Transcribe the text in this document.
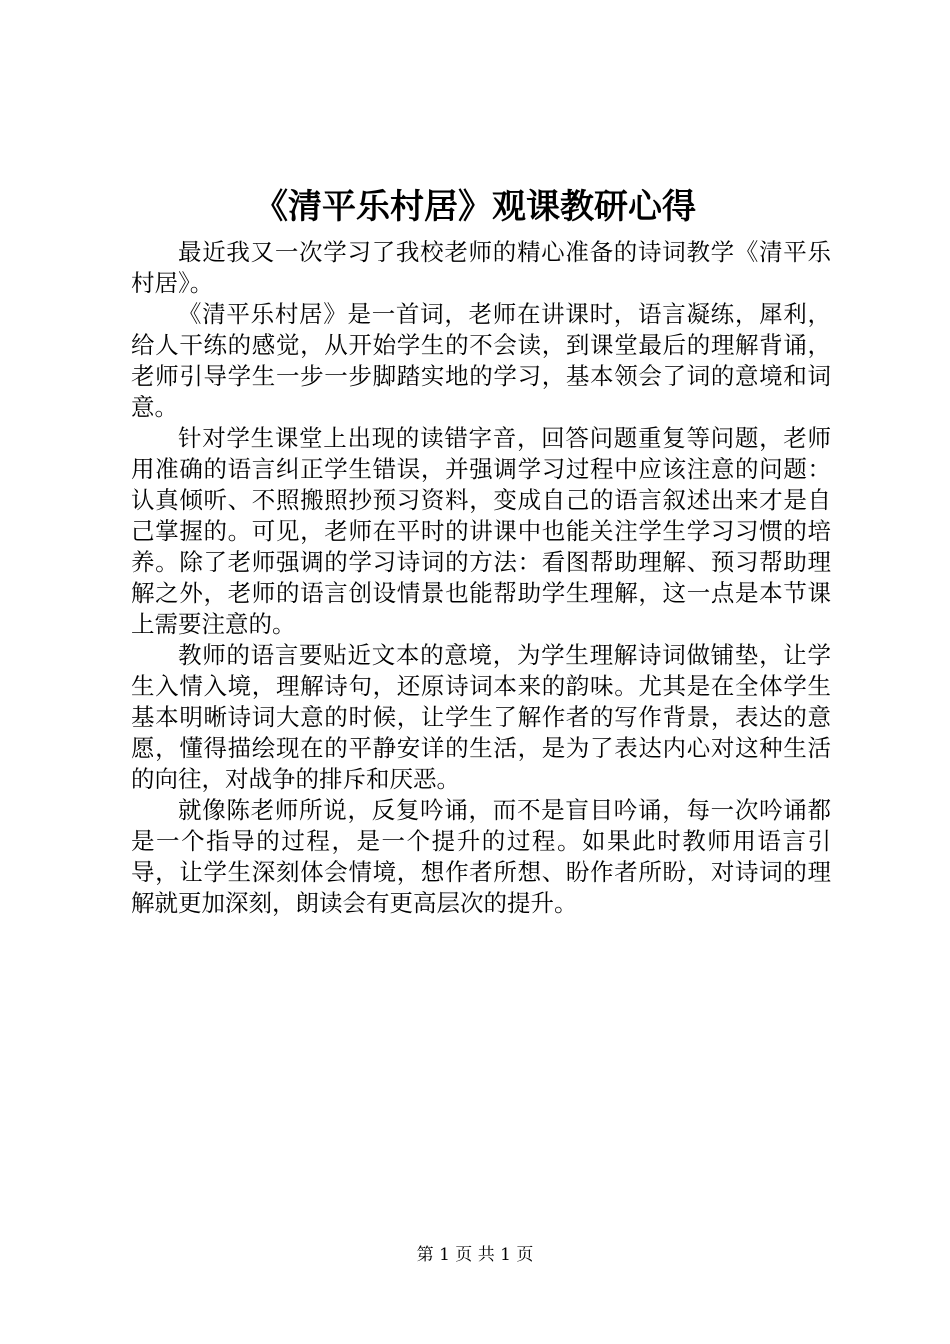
《清平乐村居》观课教研心得

最近我又一次学习了我校老师的精心准备的诗词教学《清平乐村居》。

《清平乐村居》是一首词，老师在讲课时，语言凝练，犀利，给人干练的感觉，从开始学生的不会读，到课堂最后的理解背诵，老师引导学生一步一步脚踏实地的学习，基本领会了词的意境和词意。

针对学生课堂上出现的读错字音，回答问题重复等问题，老师用准确的语言纠正学生错误，并强调学习过程中应该注意的问题：认真倾听、不照搬照抄预习资料，变成自己的语言叙述出来才是自己掌握的。可见，老师在平时的讲课中也能关注学生学习习惯的培养。除了老师强调的学习诗词的方法：看图帮助理解、预习帮助理解之外，老师的语言创设情景也能帮助学生理解，这一点是本节课上需要注意的。

教师的语言要贴近文本的意境，为学生理解诗词做铺垫，让学生入情入境，理解诗句，还原诗词本来的韵味。尤其是在全体学生基本明晰诗词大意的时候，让学生了解作者的写作背景，表达的意愿，懂得描绘现在的平静安详的生活，是为了表达内心对这种生活的向往，对战争的排斥和厌恶。

就像陈老师所说，反复吟诵，而不是盲目吟诵，每一次吟诵都是一个指导的过程，是一个提升的过程。如果此时教师用语言引导，让学生深刻体会情境，想作者所想、盼作者所盼，对诗词的理解就更加深刻，朗读会有更高层次的提升。

第 1 页 共 1 页
